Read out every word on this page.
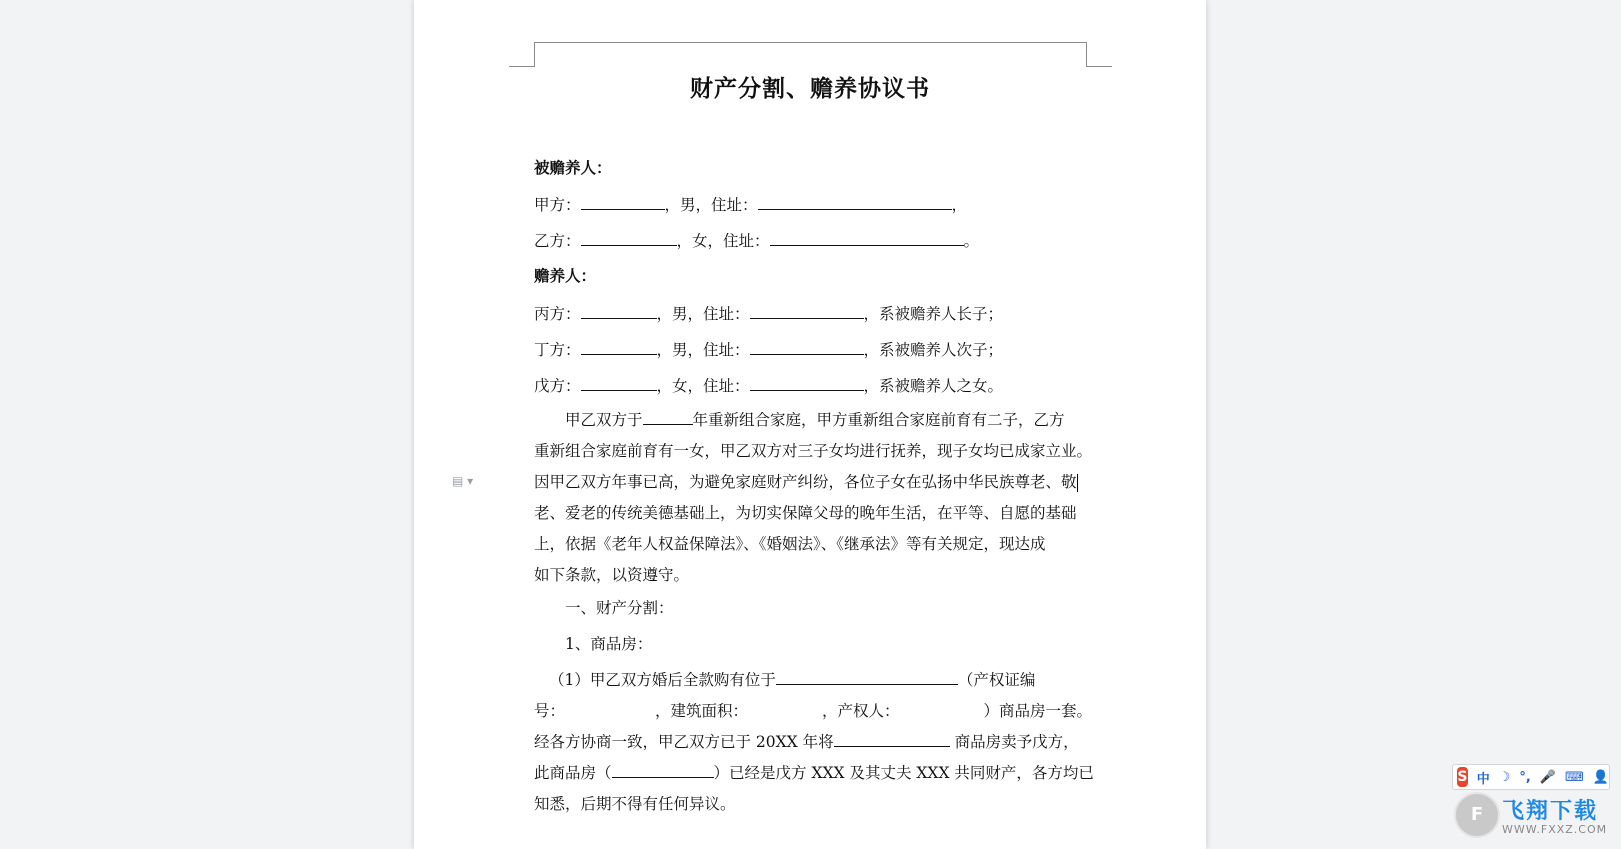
财产分割、赡养协议书
被赡养人：
甲方：	，男，住址：	，
乙方：	，女，住址：	。
赡养人：
丙方：	，男，住址：	，系被赡养人长子；
丁方：	，男，住址：	，系被赡养人次子；
戊方：	，女，住址：	，系被赡养人之女。
甲乙双方于	年重新组合家庭，甲方重新组合家庭前育有二子，乙方
重新组合家庭前育有一女，甲乙双方对三子女均进行抚养，现子女均已成家立业。
因甲乙双方年事已高，为避免家庭财产纠纷，各位子女在弘扬中华民族尊老、敬
老、爱老的传统美德基础上，为切实保障父母的晚年生活，在平等、自愿的基础
上，依据《老年人权益保障法》、《婚姻法》、《继承法》等有关规定，现达成
如下条款，以资遵守。
一、财产分割：
1、商品房：
（1）甲乙双方婚后全款购有位于	（产权证编
号：	，建筑面积：	，产权人：	）商品房一套。
经各方协商一致，甲乙双方已于 20XX 年将	商品房卖予戊方，
此商品房（	）已经是戊方 XXX 及其丈夫 XXX 共同财产，各方均已
知悉，后期不得有任何异议。
▤ ▾
S 中 ☽ °, 🎤 ⌨ 👤
F 飞翔下载
WWW.FXXZ.COM
